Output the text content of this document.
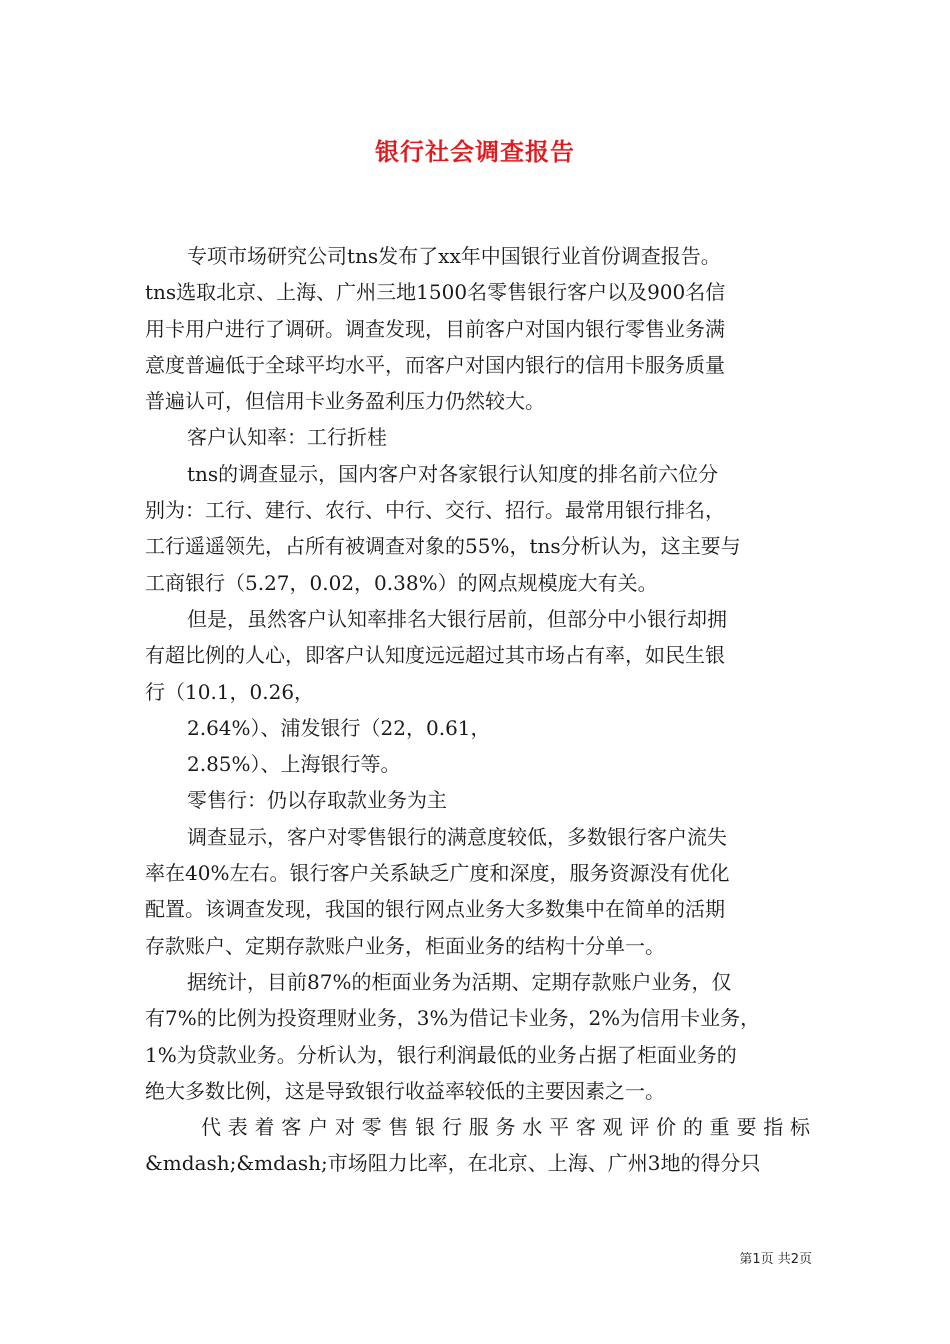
银行社会调查报告
专项市场研究公司tns发布了xx年中国银行业首份调查报告。
tns选取北京、上海、广州三地1500名零售银行客户以及900名信
用卡用户进行了调研。调查发现，目前客户对国内银行零售业务满
意度普遍低于全球平均水平，而客户对国内银行的信用卡服务质量
普遍认可，但信用卡业务盈利压力仍然较大。
客户认知率：工行折桂
tns的调查显示，国内客户对各家银行认知度的排名前六位分
别为：工行、建行、农行、中行、交行、招行。最常用银行排名，
工行遥遥领先，占所有被调查对象的55%，tns分析认为，这主要与
工商银行（5.27，0.02，0.38%）的网点规模庞大有关。
但是，虽然客户认知率排名大银行居前，但部分中小银行却拥
有超比例的人心，即客户认知度远远超过其市场占有率，如民生银
行（10.1，0.26，
2.64%）、浦发银行（22，0.61，
2.85%）、上海银行等。
零售行：仍以存取款业务为主
调查显示，客户对零售银行的满意度较低，多数银行客户流失
率在40%左右。银行客户关系缺乏广度和深度，服务资源没有优化
配置。该调查发现，我国的银行网点业务大多数集中在简单的活期
存款账户、定期存款账户业务，柜面业务的结构十分单一。
据统计，目前87%的柜面业务为活期、定期存款账户业务，仅
有7%的比例为投资理财业务，3%为借记卡业务，2%为信用卡业务，
1%为贷款业务。分析认为，银行利润最低的业务占据了柜面业务的
绝大多数比例，这是导致银行收益率较低的主要因素之一。
代表着客户对零售银行服务水平客观评价的重要指标
&mdash;&mdash;市场阻力比率，在北京、上海、广州3地的得分只
第1页 共2页
